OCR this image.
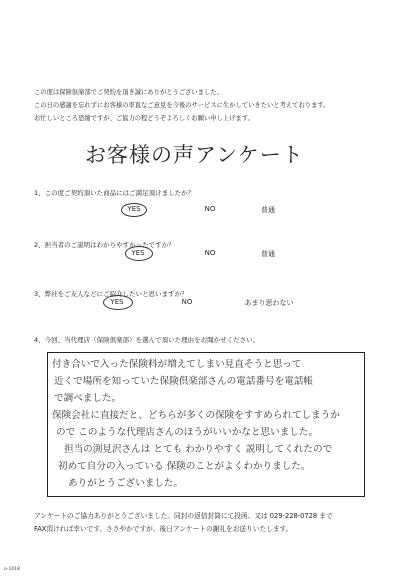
この度は保険倶楽部でご契約を頂き誠にありがとうございました。
この日の感謝を忘れずにお客様の率直なご意見を今後のサービスに生かしていきたいと考えております。
お忙しいところ恐縮ですが、ご協力の程どうぞよろしくお願い申し上げます。
お客様の声アンケート
1、この度ご契約頂いた商品にはご満足頂けましたか？
YES	NO	普通
2、担当者のご説明はわかりやすかったですか？
YES	NO	普通
3、弊社をご友人などにご紹介したいと思いますか？
YES	NO	あまり思わない
4、今回、当代理店（保険倶楽部）を選んで頂いた理由をお聞かせください。
付き合いで入った保険料が増えてしまい見直そうと思って
近くで場所を知っていた保険倶楽部さんの電話番号を電話帳
で調べました。
保険会社に直接だと、どちらが多くの保険をすすめられてしまうか
ので このような代理店さんのほうがいいかなと思いました。
担当の渕見沢さんは とても わかりやすく 説明してくれたので
初めて自分の入っている 保険のことがよくわかりました。
ありがとうございました。
アンケートのご協力ありがとうございました。同封の返信封筒にて投函、又は 029-228-0728 まで
FAX頂ければ幸いです。ささやかですが、後日アンケートの謝礼をお送りいたします。
o-1018
